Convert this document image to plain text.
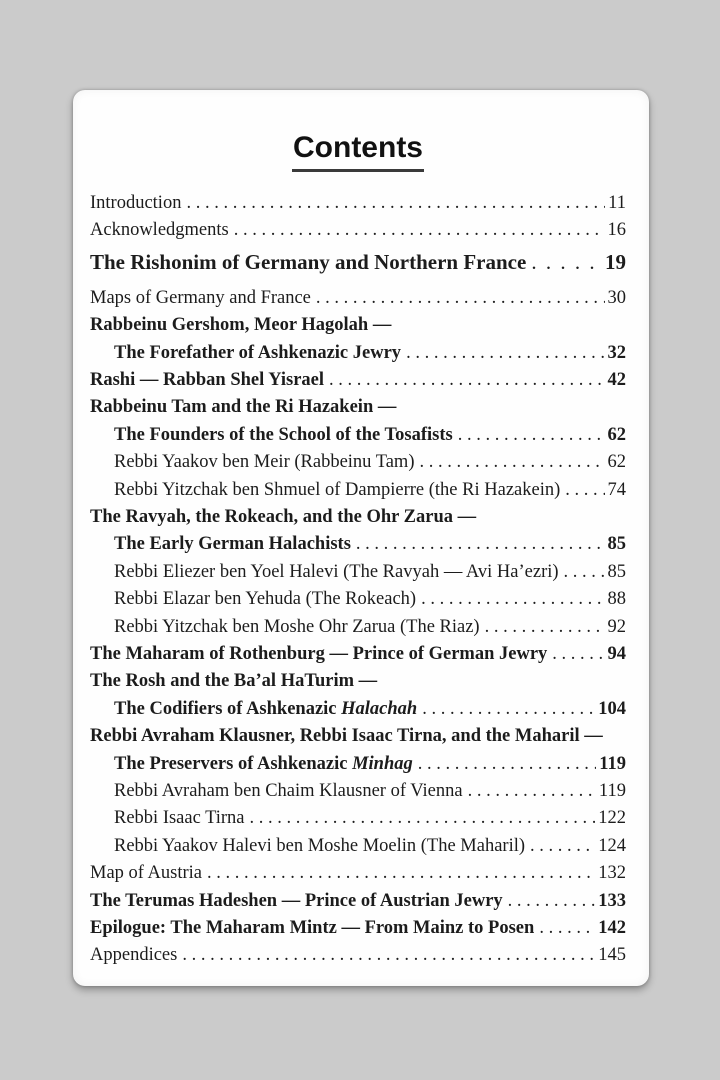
Contents
Introduction . . .	11
Acknowledgments . . .	16
The Rishonim of Germany and Northern France . . .	19
Maps of Germany and France . . .	30
Rabbeinu Gershom, Meor Hagolah —
The Forefather of Ashkenazic Jewry . . .	32
Rashi — Rabban Shel Yisrael . . .	42
Rabbeinu Tam and the Ri Hazakein —
The Founders of the School of the Tosafists . . .	62
Rebbi Yaakov ben Meir (Rabbeinu Tam) . . .	62
Rebbi Yitzchak ben Shmuel of Dampierre (the Ri Hazakein) . . .	74
The Ravyah, the Rokeach, and the Ohr Zarua —
The Early German Halachists . . .	85
Rebbi Eliezer ben Yoel Halevi (The Ravyah — Avi Ha’ezri) . . .	85
Rebbi Elazar ben Yehuda (The Rokeach) . . .	88
Rebbi Yitzchak ben Moshe Ohr Zarua (The Riaz) . . .	92
The Maharam of Rothenburg — Prince of German Jewry . . .	94
The Rosh and the Ba’al HaTurim —
The Codifiers of Ashkenazic Halachah . . .	104
Rebbi Avraham Klausner, Rebbi Isaac Tirna, and the Maharil —
The Preservers of Ashkenazic Minhag . . .	119
Rebbi Avraham ben Chaim Klausner of Vienna . . .	119
Rebbi Isaac Tirna . . .	122
Rebbi Yaakov Halevi ben Moshe Moelin (The Maharil) . . .	124
Map of Austria . . .	132
The Terumas Hadeshen — Prince of Austrian Jewry . . .	133
Epilogue: The Maharam Mintz — From Mainz to Posen . . .	142
Appendices . . .	145
